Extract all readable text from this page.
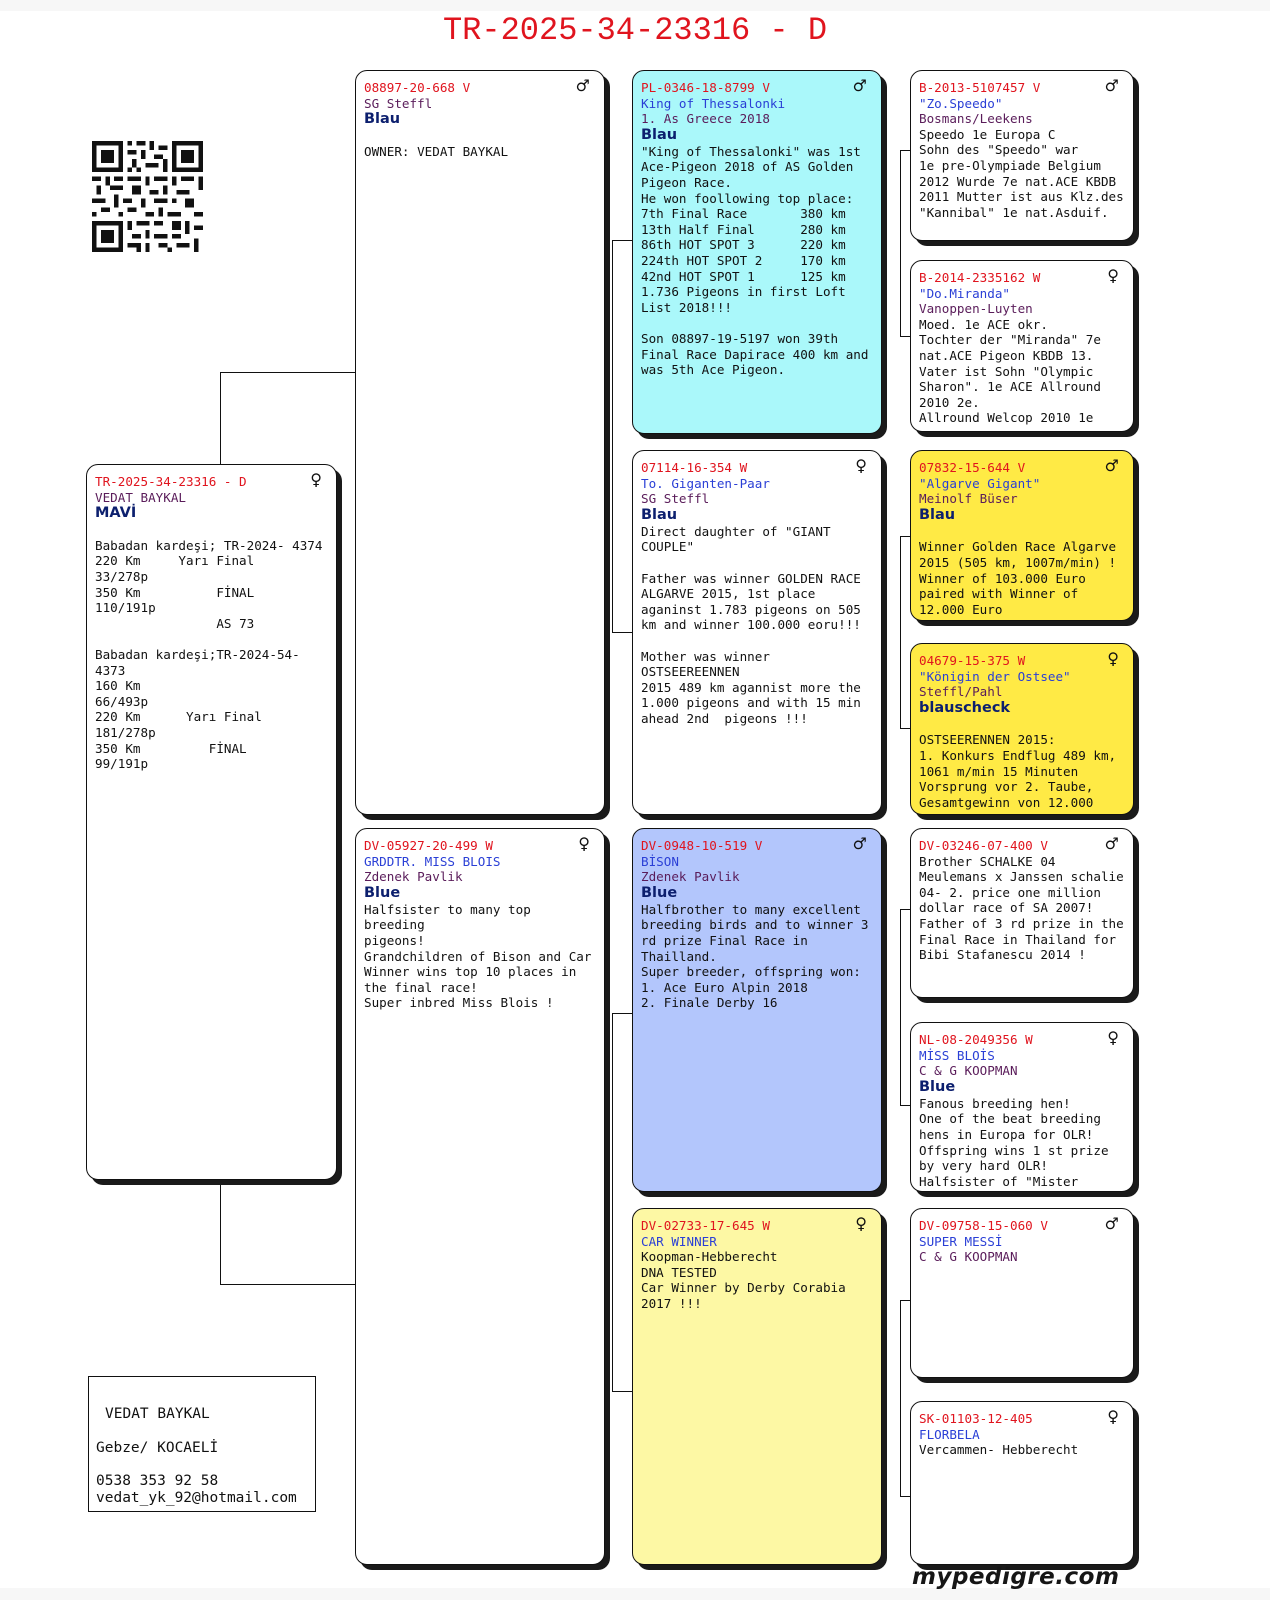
TR-2025-34-23316 - D
♀
TR-2025-34-23316 - D
VEDAT BAYKAL
MAVİ

Babadan kardeşi; TR-2024- 4374
220 Km     Yarı Final     33/278p
350 Km          FİNAL    110/191p
AS 73

Babadan kardeşi;TR-2024-54-4373
160 Km                     66/493p
220 Km      Yarı Final  181/278p
350 Km         FİNAL     99/191p
♂
08897-20-668 V
SG Steffl
Blau

OWNER: VEDAT BAYKAL
♀
DV-05927-20-499 W
GRDDTR. MISS BLOIS
Zdenek Pavlik
Blue
Halfsister to many top breeding
pigeons!
Grandchildren of Bison and Car
Winner wins top 10 places in
the final race!
Super inbred Miss Blois !
♂
PL-0346-18-8799 V
King of Thessalonki
1. As Greece 2018
Blau
"King of Thessalonki" was 1st
Ace-Pigeon 2018 of AS Golden
Pigeon Race.
He won foollowing top place:
7th Final Race       380 km
13th Half Final      280 km
86th HOT SPOT 3      220 km
224th HOT SPOT 2     170 km
42nd HOT SPOT 1      125 km
1.736 Pigeons in first Loft
List 2018!!!

Son 08897-19-5197 won 39th
Final Race Dapirace 400 km and
was 5th Ace Pigeon.
♀
07114-16-354 W
To. Giganten-Paar
SG Steffl
Blau
Direct daughter of "GIANT
COUPLE"

Father was winner GOLDEN RACE
ALGARVE 2015, 1st place
aganinst 1.783 pigeons on 505
km and winner 100.000 eoru!!!

Mother was winner OSTSEEREENNEN
2015 489 km agannist more the
1.000 pigeons and with 15 min
ahead 2nd  pigeons !!!
♂
DV-0948-10-519 V
BİSON
Zdenek Pavlik
Blue
Halfbrother to many excellent
breeding birds and to winner 3
rd prize Final Race in
Thailland.
Super breeder, offspring won:
1. Ace Euro Alpin 2018
2. Finale Derby 16
♀
DV-02733-17-645 W
CAR WINNER
Koopman-Hebberecht
DNA TESTED
Car Winner by Derby Corabia
2017 !!!
♂
B-2013-5107457 V
"Zo.Speedo"
Bosmans/Leekens
Speedo 1e Europa C
Sohn des "Speedo" war
1e pre-Olympiade Belgium
2012 Wurde 7e nat.ACE KBDB
2011 Mutter ist aus Klz.des
"Kannibal" 1e nat.Asduif.
♀
B-2014-2335162 W
"Do.Miranda"
Vanoppen-Luyten
Moed. 1e ACE okr.
Tochter der "Miranda" 7e
nat.ACE Pigeon KBDB 13.
Vater ist Sohn "Olympic
Sharon". 1e ACE Allround
2010 2e.
Allround Welcop 2010 1e
♂
07832-15-644 V
"Algarve Gigant"
Meinolf Büser
Blau

Winner Golden Race Algarve
2015 (505 km, 1007m/min) !
Winner of 103.000 Euro
paired with Winner of
12.000 Euro
♀
04679-15-375 W
"Königin der Ostsee"
Steffl/Pahl
blauscheck

OSTSEERENNEN 2015:
1. Konkurs Endflug 489 km,
1061 m/min 15 Minuten
Vorsprung vor 2. Taube,
Gesamtgewinn von 12.000
♂
DV-03246-07-400 V
Brother SCHALKE 04
Meulemans x Janssen schalie
04- 2. price one million
dollar race of SA 2007!
Father of 3 rd prize in the
Final Race in Thailand for
Bibi Stafanescu 2014 !
♀
NL-08-2049356 W
MİSS BLOİS
C & G KOOPMAN
Blue
Fanous breeding hen!
One of the beat breeding
hens in Europa for OLR!
Offspring wins 1 st prize
by very hard OLR!
Halfsister of "Mister
♂
DV-09758-15-060 V
SUPER MESSİ
C & G KOOPMAN
♀
SK-01103-12-405
FLORBELA
Vercammen- Hebberecht
VEDAT BAYKAL
Gebze/ KOCAELİ
0538 353 92 58
vedat_yk_92@hotmail.com
mypedigre.com
